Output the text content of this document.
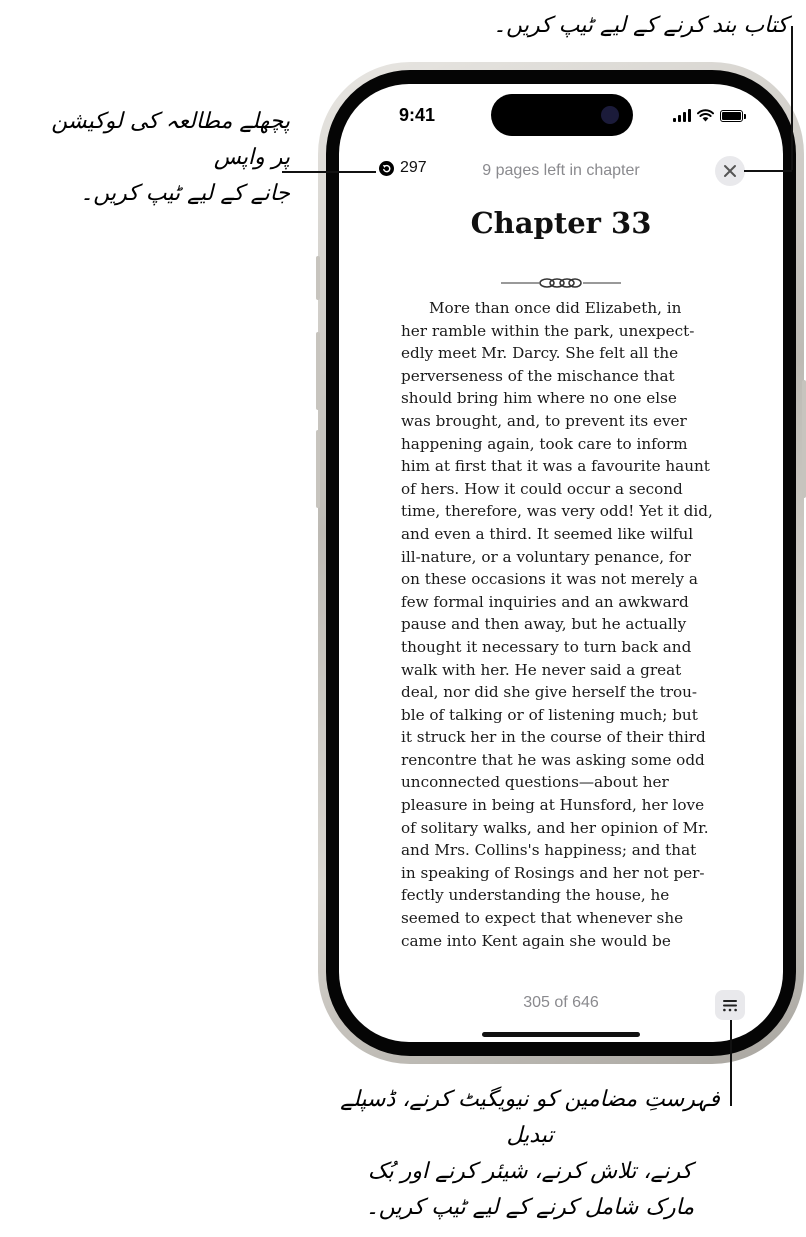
کتاب بند کرنے کے لیے ٹیپ کریں۔
پچھلے مطالعہ کی لوکیشن پر واپس
جانے کے لیے ٹیپ کریں۔
فہرستِ مضامین کو نیویگیٹ کرنے، ڈسپلے تبدیل
کرنے، تلاش کرنے، شیئر کرنے اور بُک
مارک شامل کرنے کے لیے ٹیپ کریں۔
9:41
297	9 pages left in chapter
Chapter 33
More than once did Elizabeth, in
her ramble within the park, unexpect-
edly meet Mr. Darcy. She felt all the
perverseness of the mischance that
should bring him where no one else
was brought, and, to prevent its ever
happening again, took care to inform
him at first that it was a favourite haunt
of hers. How it could occur a second
time, therefore, was very odd! Yet it did,
and even a third. It seemed like wilful
ill-nature, or a voluntary penance, for
on these occasions it was not merely a
few formal inquiries and an awkward
pause and then away, but he actually
thought it necessary to turn back and
walk with her. He never said a great
deal, nor did she give herself the trou-
ble of talking or of listening much; but
it struck her in the course of their third
rencontre that he was asking some odd
unconnected questions—about her
pleasure in being at Hunsford, her love
of solitary walks, and her opinion of Mr.
and Mrs. Collins's happiness; and that
in speaking of Rosings and her not per-
fectly understanding the house, he
seemed to expect that whenever she
came into Kent again she would be
305 of 646
